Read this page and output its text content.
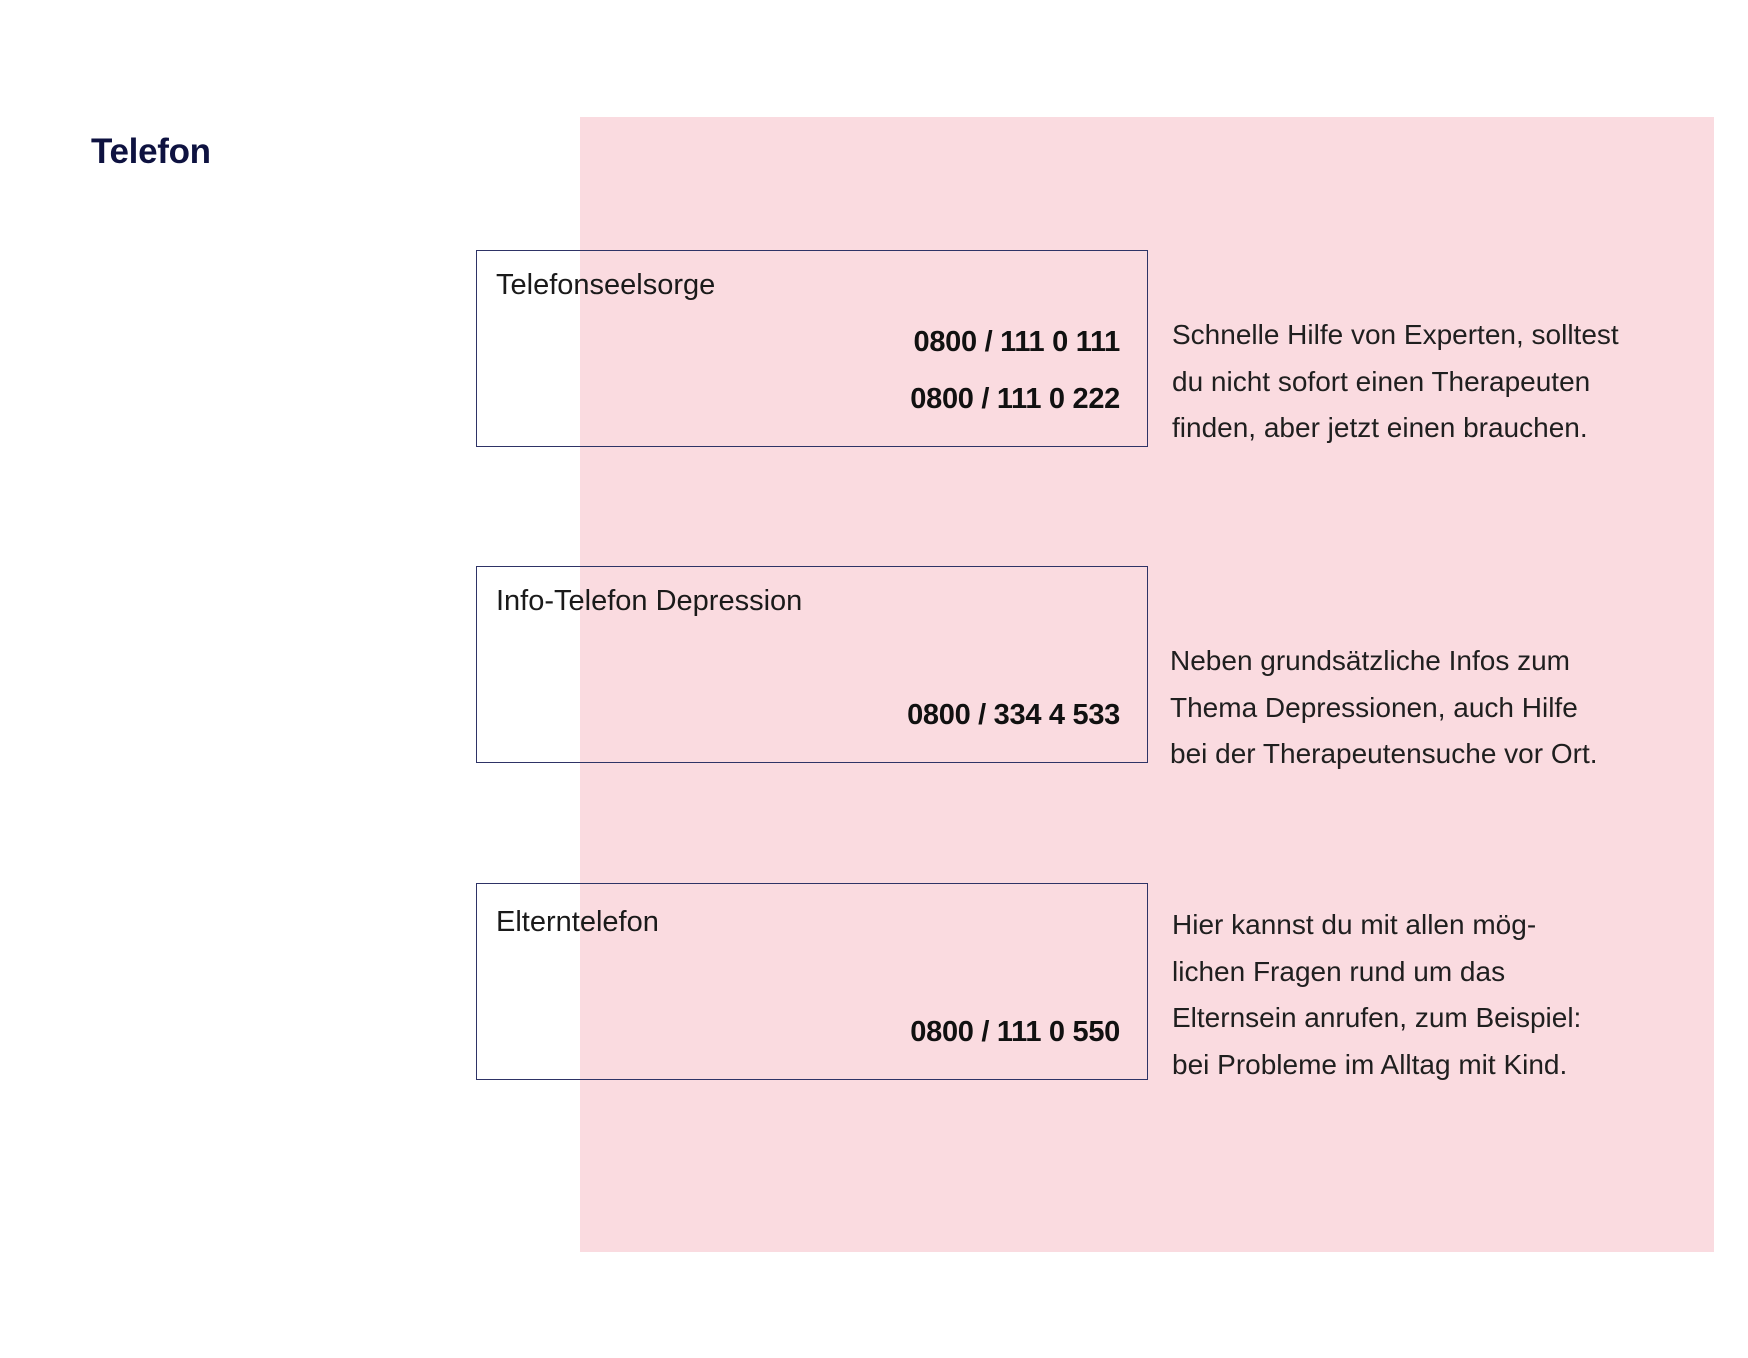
Telefon
Telefonseelsorge
0800 / 111 0 111
0800 / 111 0 222
Schnelle Hilfe von Experten, solltest
du nicht sofort einen Therapeuten
finden, aber jetzt einen brauchen.
Info-Telefon Depression
0800 / 334 4 533
Neben grundsätzliche Infos zum
Thema Depressionen, auch Hilfe
bei der Therapeutensuche vor Ort.
Elterntelefon
0800 / 111 0 550
Hier kannst du mit allen mög-
lichen Fragen rund um das
Elternsein anrufen, zum Beispiel:
bei Probleme im Alltag mit Kind.
